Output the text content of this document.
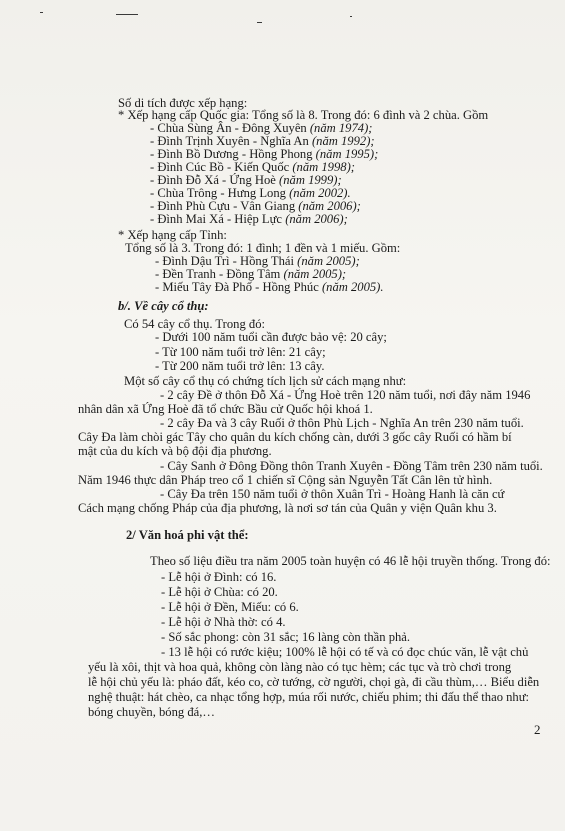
Số di tích được xếp hạng:
* Xếp hạng cấp Quốc gia: Tổng số là 8. Trong đó: 6 đình và 2 chùa. Gồm
- Chùa Sùng Ân - Đông Xuyên (năm 1974);
- Đình Trịnh Xuyên - Nghĩa An (năm 1992);
- Đình Bồ Dương - Hồng Phong (năm 1995);
- Đình Cúc Bồ - Kiến Quốc (năm 1998);
- Đình Đỗ Xá - Ứng Hoè (năm 1999);
- Chùa Trông - Hưng Long (năm 2002).
- Đình Phù Cựu - Vân Giang (năm 2006);
- Đình Mai Xá - Hiệp Lực (năm 2006);
* Xếp hạng cấp Tỉnh:
Tổng số là 3. Trong đó: 1 đình; 1 đền và 1 miếu. Gồm:
- Đình Dậu Trì - Hồng Thái (năm 2005);
- Đền Tranh - Đồng Tâm (năm 2005);
- Miếu Tây Đà Phố - Hồng Phúc (năm 2005).
b/. Về cây cổ thụ:
Có 54 cây cổ thụ. Trong đó:
- Dưới 100 năm tuổi cần được bảo vệ: 20 cây;
- Từ 100 năm tuổi trở lên: 21 cây;
- Từ 200 năm tuổi trở lên: 13 cây.
Một số cây cổ thụ có chứng tích lịch sử cách mạng như:
- 2 cây Đề ở thôn Đỗ Xá - Ứng Hoè trên 120 năm tuổi, nơi đây năm 1946
nhân dân xã Ứng Hoè đã tổ chức Bầu cử Quốc hội khoá 1.
- 2 cây Đa và 3 cây Ruối ở thôn Phù Lịch - Nghĩa An trên 230 năm tuổi.
Cây Đa làm chòi gác Tây cho quân du kích chống càn, dưới 3 gốc cây Ruối có hầm bí
mật của du kích và bộ đội địa phương.
- Cây Sanh ở Đông Đồng thôn Tranh Xuyên - Đồng Tâm trên 230 năm tuổi.
Năm 1946 thực dân Pháp treo cổ 1 chiến sĩ Cộng sản Nguyễn Tất Cân lên tử hình.
- Cây Đa trên 150 năm tuổi ở thôn Xuân Trì - Hoàng Hanh là căn cứ
Cách mạng chống Pháp của địa phương, là nơi sơ tán của Quân y viện Quân khu 3.
2/ Văn hoá phi vật thể:
Theo số liệu điều tra năm 2005 toàn huyện có 46 lễ hội truyền thống. Trong đó:
- Lễ hội ở Đình: có 16.
- Lễ hội ở Chùa: có 20.
- Lễ hội ở Đền, Miếu: có 6.
- Lễ hội ở Nhà thờ: có 4.
- Số sắc phong: còn 31 sắc; 16 làng còn thần phả.
- 13 lễ hội có rước kiệu; 100% lễ hội có tế và có đọc chúc văn, lễ vật chủ
yếu là xôi, thịt và hoa quả, không còn làng nào có tục hèm; các tục và trò chơi trong
lễ hội chủ yếu là: pháo đất, kéo co, cờ tướng, cờ người, chọi gà, đi cầu thùm,… Biểu diễn
nghệ thuật: hát chèo, ca nhạc tổng hợp, múa rối nước, chiếu phim; thi đấu thể thao như:
bóng chuyền, bóng đá,…
2
